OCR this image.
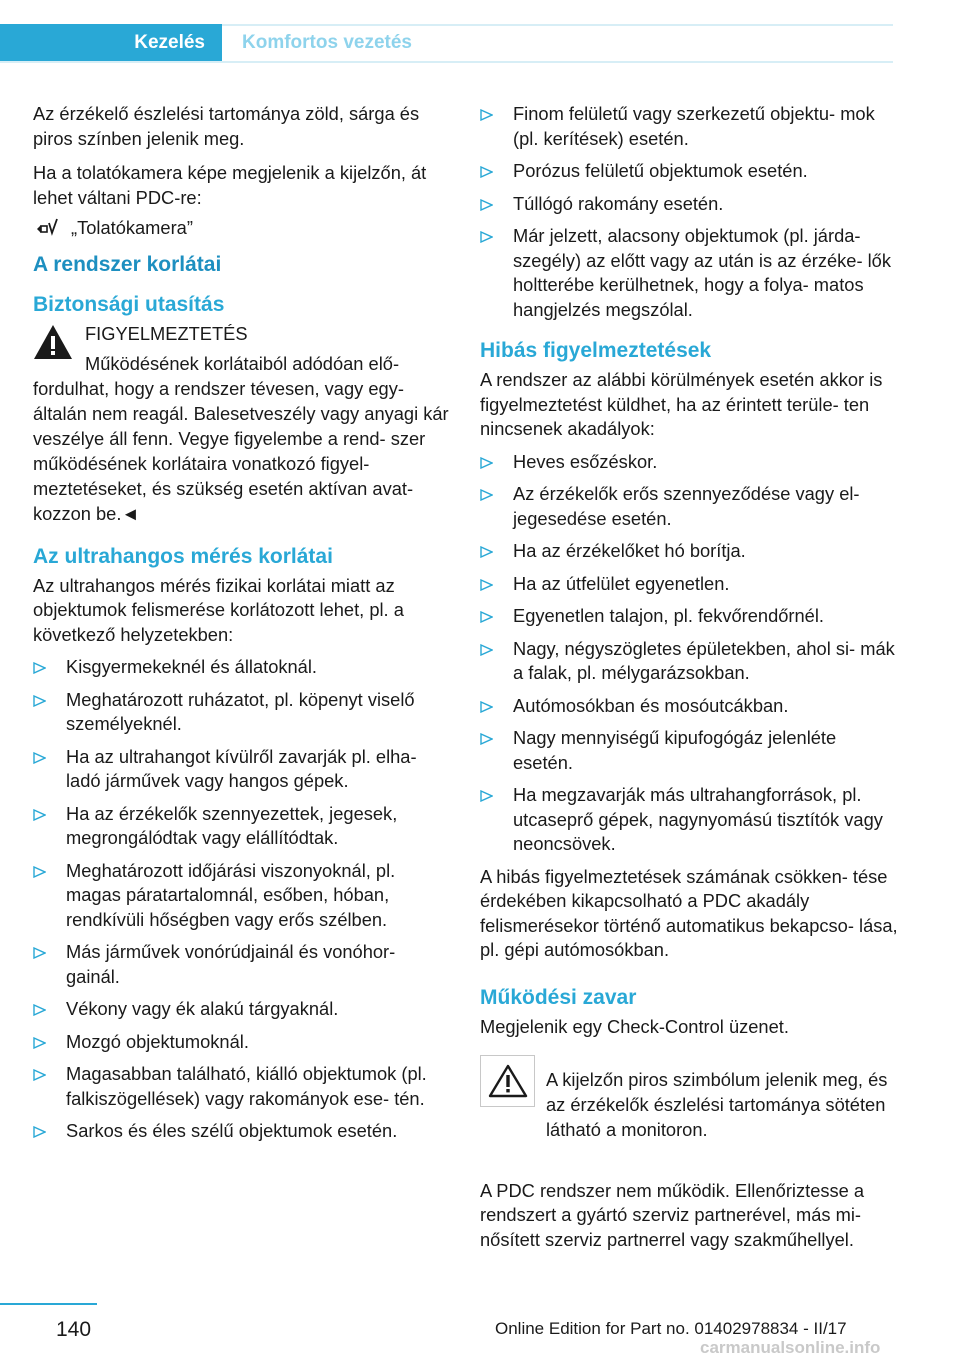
Kezelés	Komfortos vezetés

Az érzékelő észlelési tartománya zöld, sárga és piros színben jelenik meg.

Ha a tolatókamera képe megjelenik a kijelzőn, át lehet váltani PDC-re:

„Tolatókamera”
A rendszer korlátai
Biztonsági utasítás

FIGYELMEZTETÉS

Működésének korlátaiból adódóan elő- fordulhat, hogy a rendszer tévesen, vagy egy- általán nem reagál. Balesetveszély vagy anyagi kár veszélye áll fenn. Vegye figyelembe a rend- szer működésének korlátaira vonatkozó figyel- meztetéseket, és szükség esetén aktívan avat- kozzon be.◄

Az ultrahangos mérés korlátai

Az ultrahangos mérés fizikai korlátai miatt az objektumok felismerése korlátozott lehet, pl. a következő helyzetekben:

Kisgyermekeknél és állatoknál.
Meghatározott ruházatot, pl. köpenyt viselő személyeknél.
Ha az ultrahangot kívülről zavarják pl. elha- ladó járművek vagy hangos gépek.
Ha az érzékelők szennyezettek, jegesek, megrongálódtak vagy elállítódtak.
Meghatározott időjárási viszonyoknál, pl. magas páratartalomnál, esőben, hóban, rendkívüli hőségben vagy erős szélben.
Más járművek vonórúdjainál és vonóhor- gainál.
Vékony vagy ék alakú tárgyaknál.
Mozgó objektumoknál.
Magasabban található, kiálló objektumok (pl. falkiszögellések) vagy rakományok ese- tén.
Sarkos és éles szélű objektumok esetén.
Finom felületű vagy szerkezetű objektu- mok (pl. kerítések) esetén.
Porózus felületű objektumok esetén.
Túllógó rakomány esetén.
Már jelzett, alacsony objektumok (pl. járda- szegély) az előtt vagy az után is az érzéke- lők holtterébe kerülhetnek, hogy a folya- matos hangjelzés megszólal.
Hibás figyelmeztetések

A rendszer az alábbi körülmények esetén akkor is figyelmeztetést küldhet, ha az érintett terüle- ten nincsenek akadályok:

Heves esőzéskor.
Az érzékelők erős szennyeződése vagy el- jegesedése esetén.
Ha az érzékelőket hó borítja.
Ha az útfelület egyenetlen.
Egyenetlen talajon, pl. fekvőrendőrnél.
Nagy, négyszögletes épületekben, ahol si- mák a falak, pl. mélygarázsokban.
Autómosókban és mosóutcákban.
Nagy mennyiségű kipufogógáz jelenléte esetén.
Ha megzavarják más ultrahangforrások, pl. utcaseprő gépek, nagynyomású tisztítók vagy neoncsövek.

A hibás figyelmeztetések számának csökken- tése érdekében kikapcsolható a PDC akadály felismerésekor történő automatikus bekapcso- lása, pl. gépi autómosókban.

Működési zavar

Megjelenik egy Check-Control üzenet.

A kijelzőn piros szimbólum jelenik meg, és az érzékelők észlelési tartománya sötéten látható a monitoron.

A PDC rendszer nem működik. Ellenőriztesse a rendszert a gyártó szerviz partnerével, más mi- nősített szerviz partnerrel vagy szakműhellyel.

140	Online Edition for Part no. 01402978834 - II/17
carmanualsonline.info
